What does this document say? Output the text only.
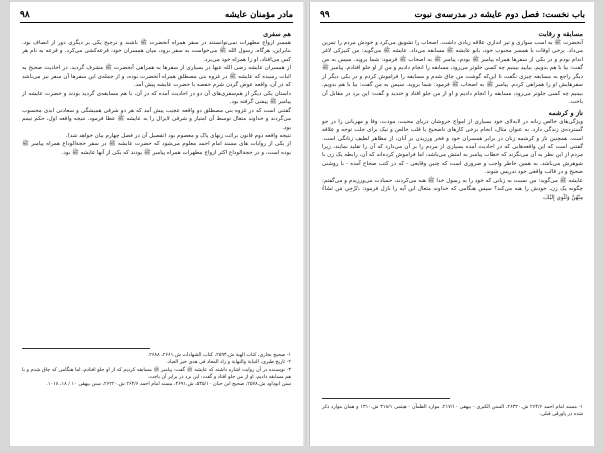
مادر مؤمنان عایشه
۹۸
هم سفری

همسر ازواج مطهرات نمی‌توانستند در سفر همراه آنحضرت ﷺ باشند و ترجیح یکی بر دیگری دور از انصاف بود. بنابراین، هرگاه، رسول الله ﷺ می‌خواست به سفر برود، میان همسران خود، قرعه‌کشی می‌کرد. و قرعه به نام هر کس می‌افتاد، او را همراه خود می‌برد.

از همسران عایشه رضی الله عنها در بسیاری از سفرها به همراهی آنحضرت ﷺ مشرف گردید. در احادیث صحیح به اثبات رسیده که عایشه ﷺ در غزوه بنی مصطلق همراه آنحضرت بوده، و از جمله‌ی این سفرها آن سفر نیز می‌باشد که در آن، واقعه عوض گردن شرم حفصه با حضرت عایشه پیش آمد.

داستان یکی دیگر از هم‌سفری‌های آن دو در احادیث آمده که در آن، با هم مسابقه‌ی گردید بودند و حضرت عایشه از پیامبر ﷺ پیشی گرفته بود.

گفتنی است که در غزوه بنی مصطلق دو واقعه عجیب پیش آمد که هر دو شرقی همیشگی و سعادتی ابدی محسوب می‌گردند و خداوند متعال توسط آن امتیاز و شرقی لایزال را به عایشه ﷺ عطا فرمود. نتیجه واقعه اول، حکم تیمم بود.

نتیجه واقعه دوم قانون برائت زنهای پاک و معصوم بود (تفصیل آن در فصل چهارم بیان خواهد شد).

از یکی از روایات های مسند امام احمد معلوم می‌شود که حضرت عایشه ﷺ در سفر حجةالوداع همراه پیامبر ﷺ بوده است، و در حجةالوداع اکثر ازواج مطهرات همراه پیامبر ﷺ بودند که یکی از آنها عایشه ﷺ بود.

۱- صحیح بخاری، کتاب الهبة ش.۲۵۹۴، کتاب الشهادات ش.۲۶۶۱، ۲۶۸۸.

۲- تاریخ طبری، النبایة والنهایة و زاد المعاد فی هدی خیر العباد.

۳- نویسنده در آن روایت اشاره داشته که عایشه ﷺ گفت: پیامبر ﷺ مسابقه کردیم که از او جلو افتادم، اما هنگامی که چاق شدم و با هم مسابقه دادیم، او از من جلو افتاد و گفت: این برد در برابر آن باخت.

سنن ابوداود ش.۲۵۷۸، صحیح ابن حبان ۵۴۵/۱۰، ش.۴۶۹۱، مسند امام احمد ۲۶۴/۶ ش.۲۶۲۲۰، سنن بیهقی ۱۰ / ۱۸، ۱۰۱۸.

باب نخست: فصل دوم عایشه در مدرسه‌ی نبوت
۹۹
مسابقه و رقابت

آنحضرت ﷺ به اسب سواری و تیر اندازی علاقه زیادی داشت. اصحاب را تشویق می‌کرد و خودش مردم را تمرین می‌داد. برخی اوقات با همسر محبوب خود، بانو عایشه ﷺ مسابقه می‌داد. عایشه ﷺ می‌گوید: من کنیزکی لاغر اندام بودم و در یکی از سفرها همراه پیامبر ﷺ بودم، پیامبر ﷺ به اصحاب ﷺ فرمود: شما بروید. سپس به من گفت: بیا با هم بدویم. بیایید ببینیم چه کسی جلوتر می‌رود، مسابقه را انجام دادیم و من از او جلو افتادم. پیامبر ﷺ دیگر راجع به مسابقه چیزی نگفت تا این‌که گوشت من چاق شدم و مسابقه را فراموش کردم و در یکی دیگر از سفرهایش او را همراهی کردم. پیامبر ﷺ به اصحاب ﷺ فرمود: شما بروید. سپس به من گفت: بیا با هم بدویم، ببینیم چه کسی جلوتر می‌رود، مسابقه را انجام دادیم و او از من جلو افتاد و خندید و گفت: این برد در مقابل آن باخت.

ناز و کرشمه

ویژگی‌های خالص زنانه در لابه‌لای خود بسیاری از امواج خروشان دریای محبت، مودت، وفا و مهربانی را در جو گسترده‌ی زندگی دارد. به عنوان مثال، انجام برخی کارهای ناصحیح با قلب خالص و نیک برای جلب توجه و علاقه است. همچنین ناز و کرشمه زنان در برابر همسران خود و فخر ورزیدن بر آنان، از مظاهر لطیف زنانگی است. گفتنی است که این واقعه‌هایی که در احادیث آمده بسیاری از مردم را بر آن می‌دارد که آن را تقلید نمایند، زیرا مردم از این نظر به آن می‌نگرند که خطاب پیامبر به امتش می‌باشد، اما فراموش کرده‌اند که آن، رابطه یک زن با شوهرش می‌باشد. به همین خاطر واجب و ضروری است که چنین وقایعی - که در کتب صحاح آمده - با روشنی صحیح و در قالب واقعی خود تدریس شوند.

عایشه ﷺ می‌گوید: من نسبت به زنانی که خود را به رسول خدا ﷺ هبه می‌کردند، حسادت می‌ورزیدم و می‌گفتم: چگونه یک زن، خودش را هبه می‌کند؟ سپس هنگامی که خداوند متعال این آیه را نازل فرمود: ﴿تُرْجِي مَن تَشَاءُ مِنْهُنَّ وَتُئْوِي إِلَيْكَ﴾

۱- مسند امام احمد ۲۶۴/۶ ش.۲۶۳۲۰، السنن الکبری - بیهقی ۲۱۷/۱۰، موارد الظمآن - هیثمی ۳۱۸/۱ ش.۱۳۱۰ و همان موارد ذکر شده در پاورقی قبلی.
